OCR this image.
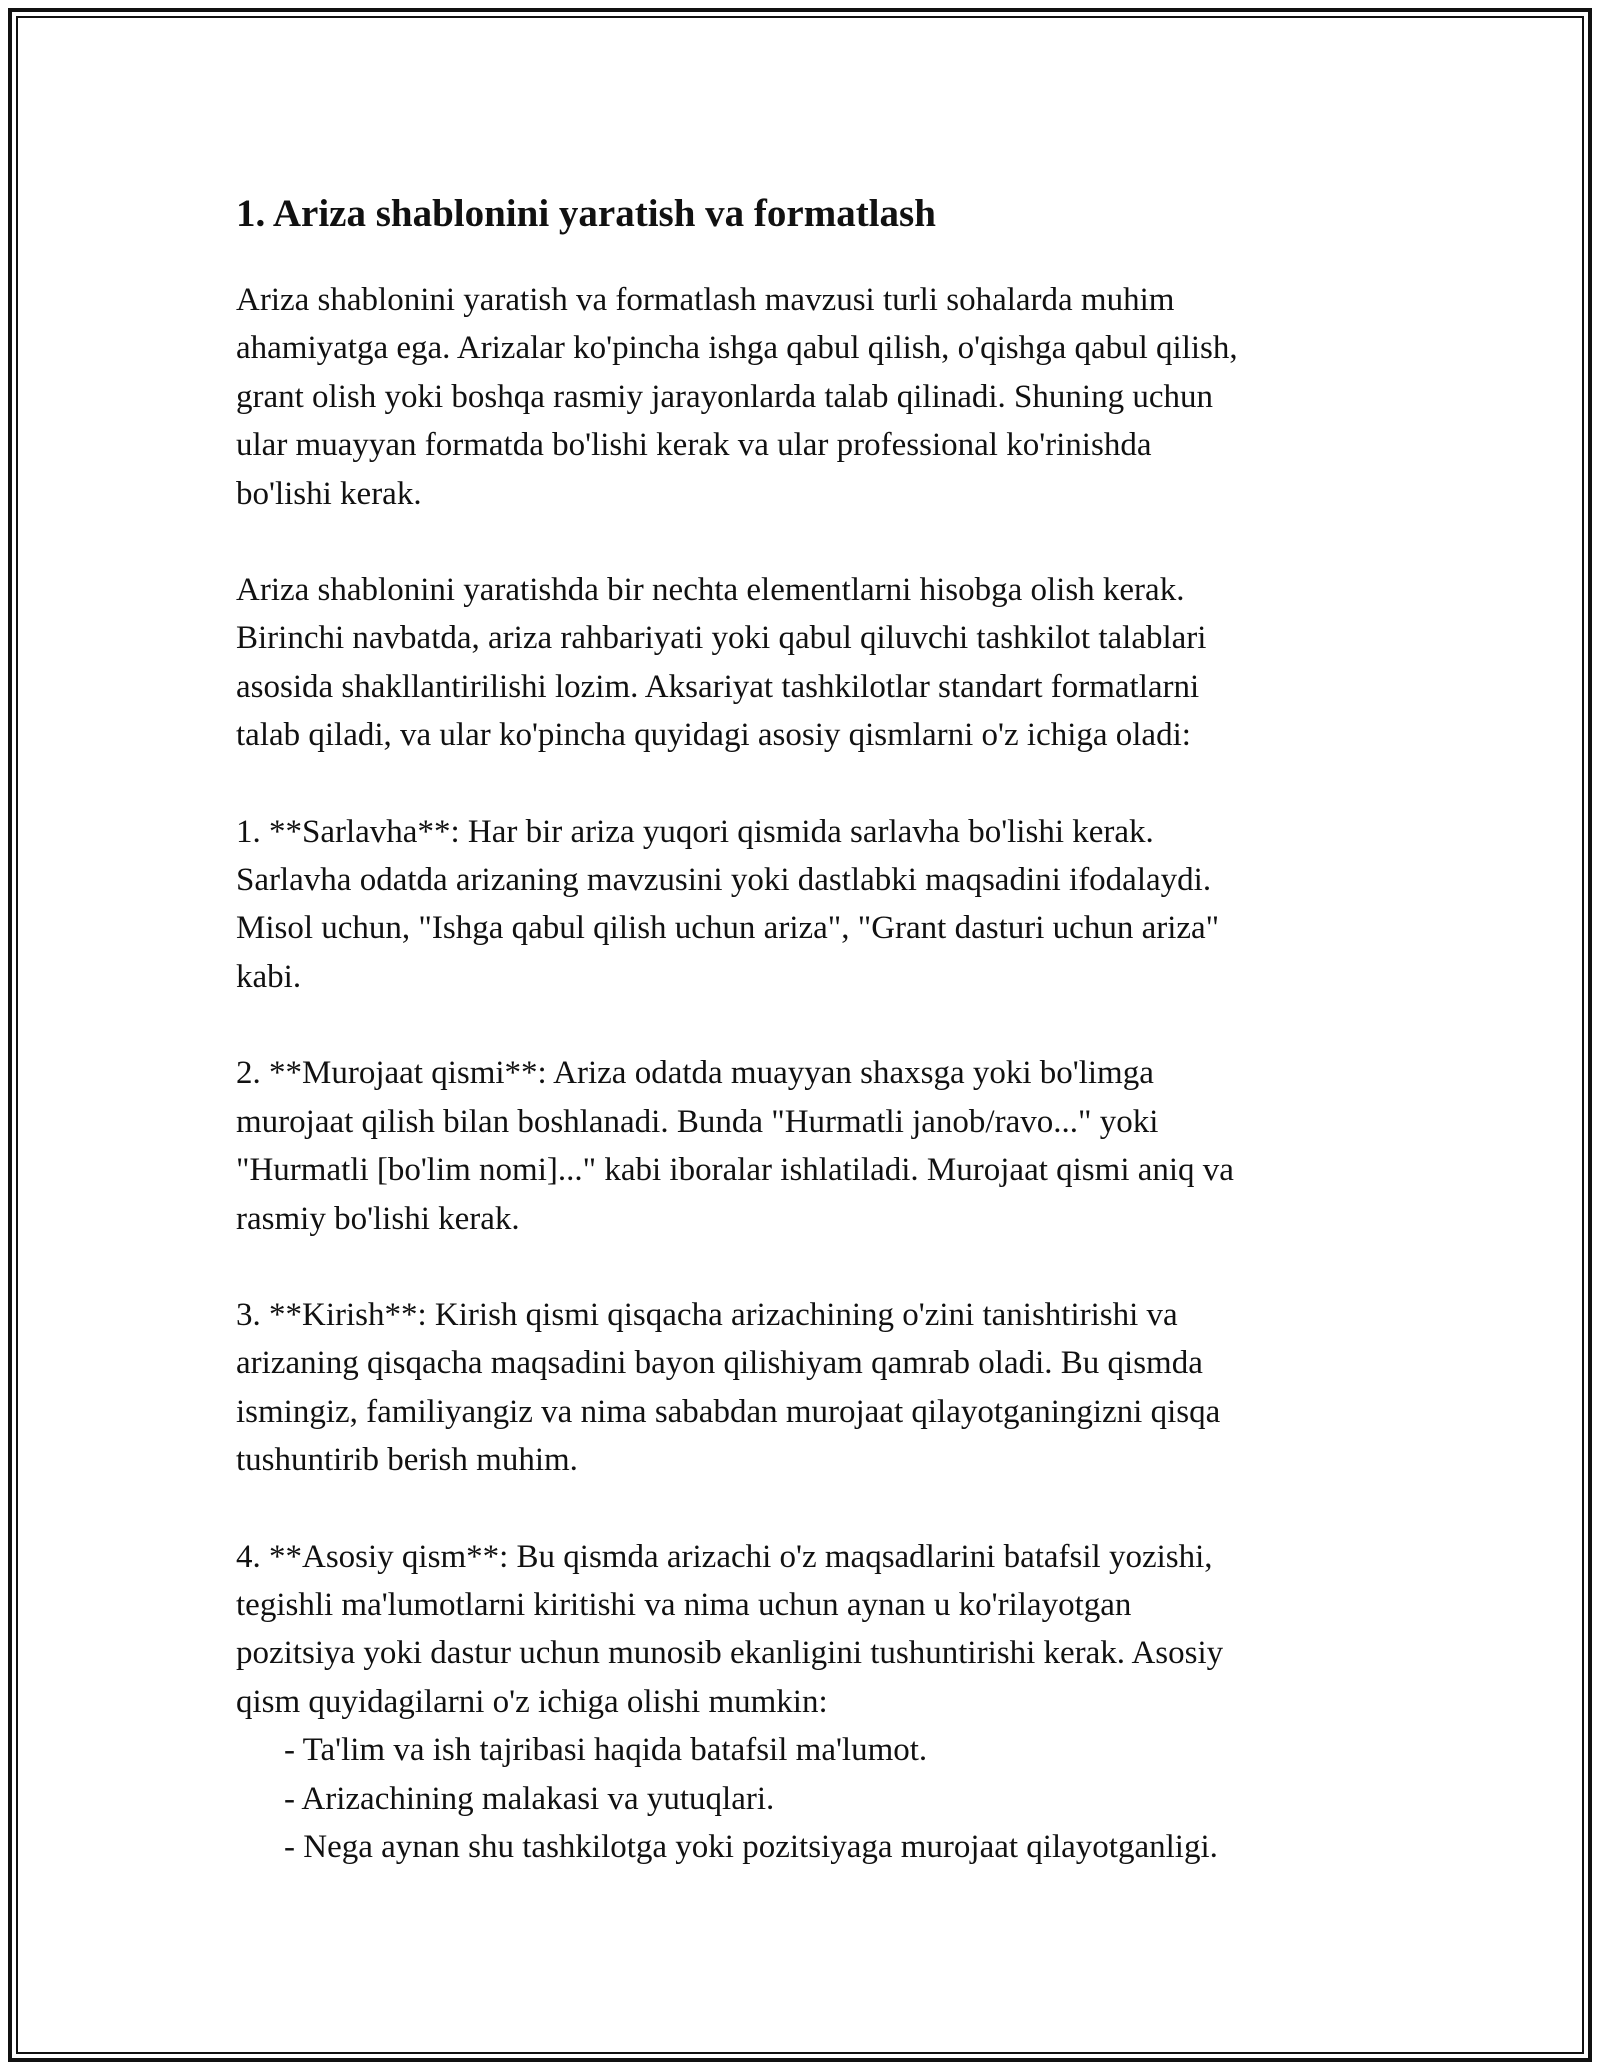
1. Ariza shablonini yaratish va formatlash

Ariza shablonini yaratish va formatlash mavzusi turli sohalarda muhim
ahamiyatga ega. Arizalar ko'pincha ishga qabul qilish, o'qishga qabul qilish,
grant olish yoki boshqa rasmiy jarayonlarda talab qilinadi. Shuning uchun
ular muayyan formatda bo'lishi kerak va ular professional ko'rinishda
bo'lishi kerak.

Ariza shablonini yaratishda bir nechta elementlarni hisobga olish kerak.
Birinchi navbatda, ariza rahbariyati yoki qabul qiluvchi tashkilot talablari
asosida shakllantirilishi lozim. Aksariyat tashkilotlar standart formatlarni
talab qiladi, va ular ko'pincha quyidagi asosiy qismlarni o'z ichiga oladi:

1. **Sarlavha**: Har bir ariza yuqori qismida sarlavha bo'lishi kerak.
Sarlavha odatda arizaning mavzusini yoki dastlabki maqsadini ifodalaydi.
Misol uchun, "Ishga qabul qilish uchun ariza", "Grant dasturi uchun ariza"
kabi.

2. **Murojaat qismi**: Ariza odatda muayyan shaxsga yoki bo'limga
murojaat qilish bilan boshlanadi. Bunda "Hurmatli janob/ravo..." yoki
"Hurmatli [bo'lim nomi]..." kabi iboralar ishlatiladi. Murojaat qismi aniq va
rasmiy bo'lishi kerak.

3. **Kirish**: Kirish qismi qisqacha arizachining o'zini tanishtirishi va
arizaning qisqacha maqsadini bayon qilishiyam qamrab oladi. Bu qismda
ismingiz, familiyangiz va nima sababdan murojaat qilayotganingizni qisqa
tushuntirib berish muhim.

4. **Asosiy qism**: Bu qismda arizachi o'z maqsadlarini batafsil yozishi,
tegishli ma'lumotlarni kiritishi va nima uchun aynan u ko'rilayotgan
pozitsiya yoki dastur uchun munosib ekanligini tushuntirishi kerak. Asosiy
qism quyidagilarni o'z ichiga olishi mumkin:

- Ta'lim va ish tajribasi haqida batafsil ma'lumot.

- Arizachining malakasi va yutuqlari.

- Nega aynan shu tashkilotga yoki pozitsiyaga murojaat qilayotganligi.
